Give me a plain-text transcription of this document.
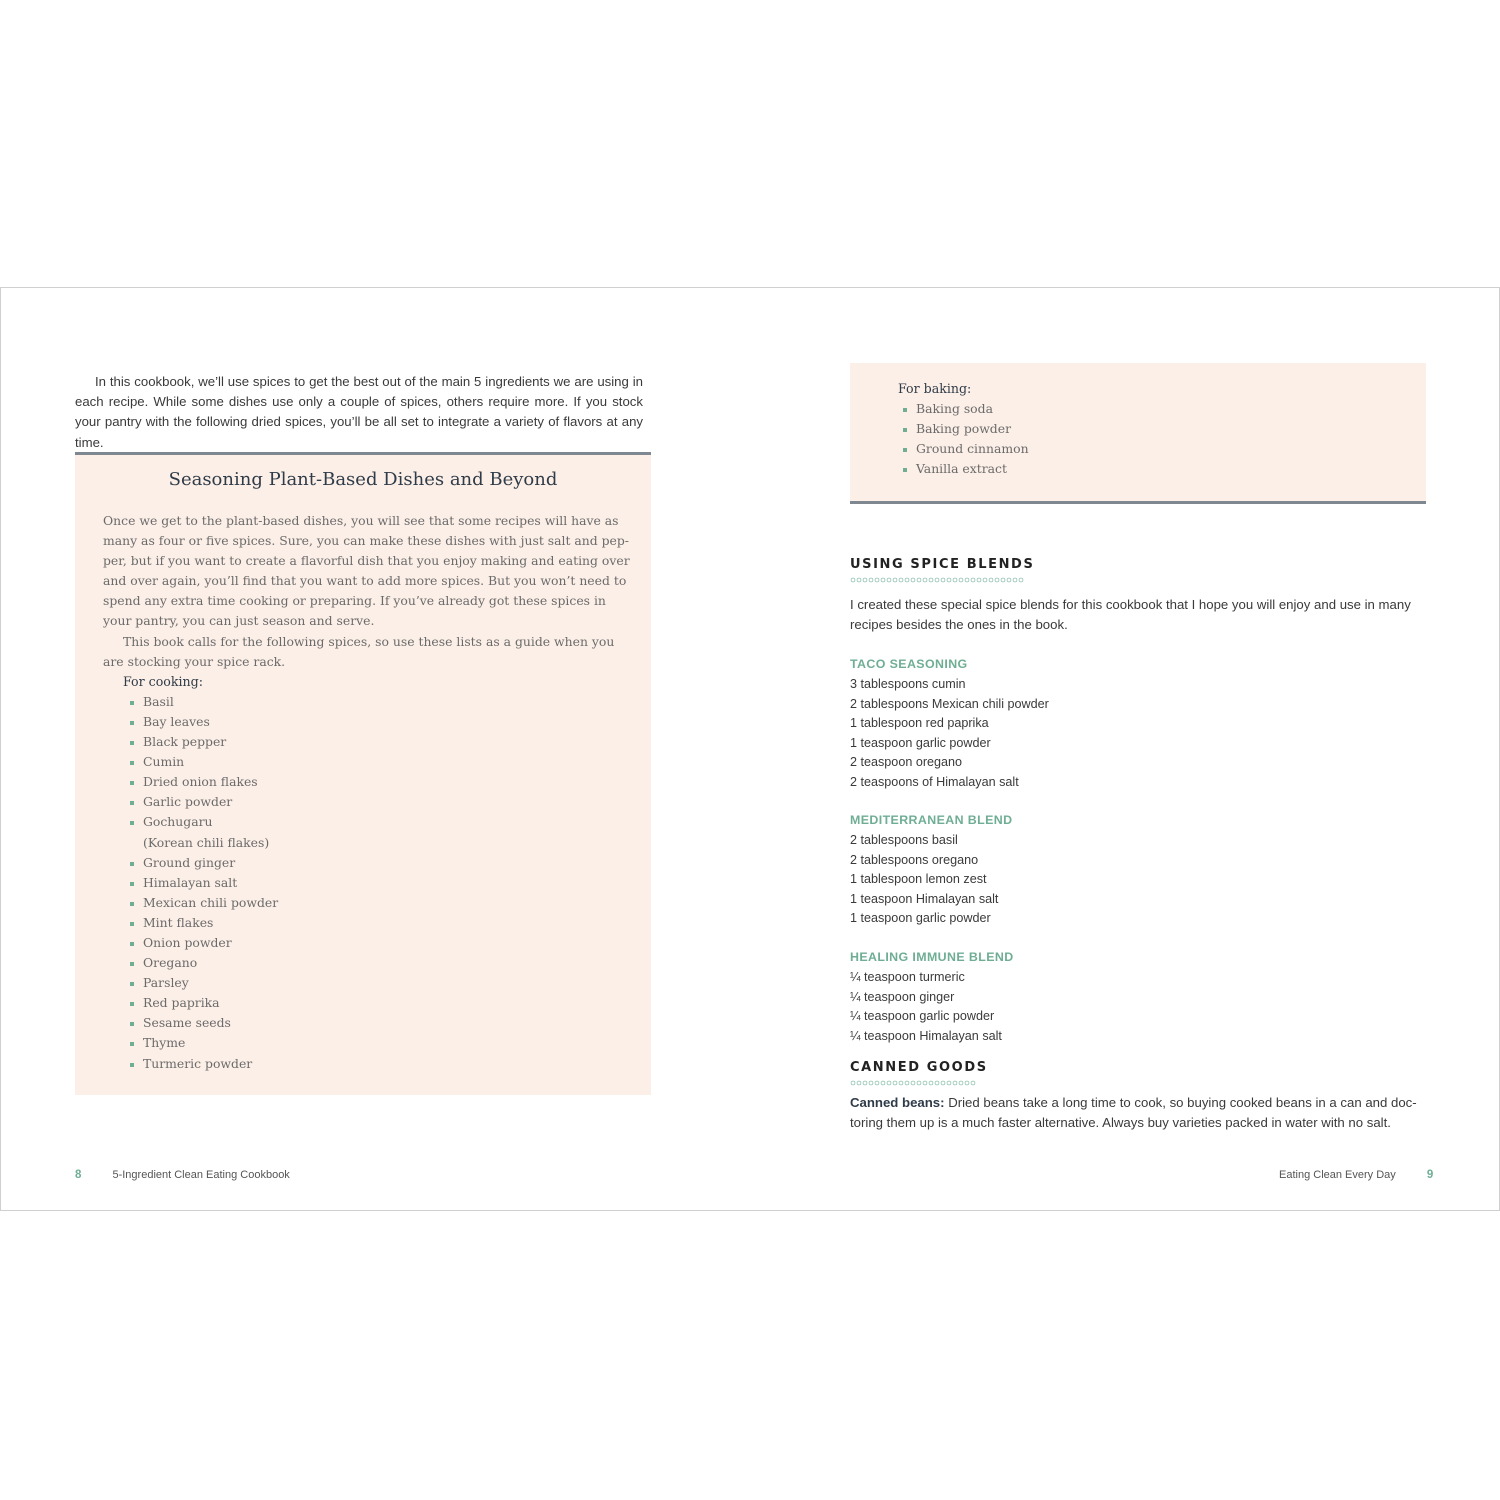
In this cookbook, we’ll use spices to get the best out of the main 5 ingredients we are using in each recipe. While some dishes use only a couple of spices, others require more. If you stock your pantry with the following dried spices, you’ll be all set to integrate a variety of flavors at any time.

Seasoning Plant-Based Dishes and Beyond

Once we get to the plant-based dishes, you will see that some recipes will have as many as four or five spices. Sure, you can make these dishes with just salt and pep-per, but if you want to create a flavorful dish that you enjoy making and eating over and over again, you’ll find that you want to add more spices. But you won’t need to spend any extra time cooking or preparing. If you’ve already got these spices in your pantry, you can just season and serve.

This book calls for the following spices, so use these lists as a guide when you are stocking your spice rack.

For cooking:
Basil
Bay leaves
Black pepper
Cumin
Dried onion flakes
Garlic powder
Gochugaru
(Korean chili flakes)
Ground ginger
Himalayan salt
Mexican chili powder
Mint flakes
Onion powder
Oregano
Parsley
Red paprika
Sesame seeds
Thyme
Turmeric powder
8	5-Ingredient Clean Eating Cookbook
For baking:
Baking soda
Baking powder
Ground cinnamon
Vanilla extract
USING SPICE BLENDS

I created these special spice blends for this cookbook that I hope you will enjoy and use in many recipes besides the ones in the book.

TACO SEASONING
3 tablespoons cumin
2 tablespoons Mexican chili powder
1 tablespoon red paprika
1 teaspoon garlic powder
2 teaspoon oregano
2 teaspoons of Himalayan salt
MEDITERRANEAN BLEND
2 tablespoons basil
2 tablespoons oregano
1 tablespoon lemon zest
1 teaspoon Himalayan salt
1 teaspoon garlic powder
HEALING IMMUNE BLEND
¼ teaspoon turmeric
¼ teaspoon ginger
¼ teaspoon garlic powder
¼ teaspoon Himalayan salt
CANNED GOODS
Canned beans: Dried beans take a long time to cook, so buying cooked beans in a can and doc-toring them up is a much faster alternative. Always buy varieties packed in water with no salt.
Eating Clean Every Day	9
